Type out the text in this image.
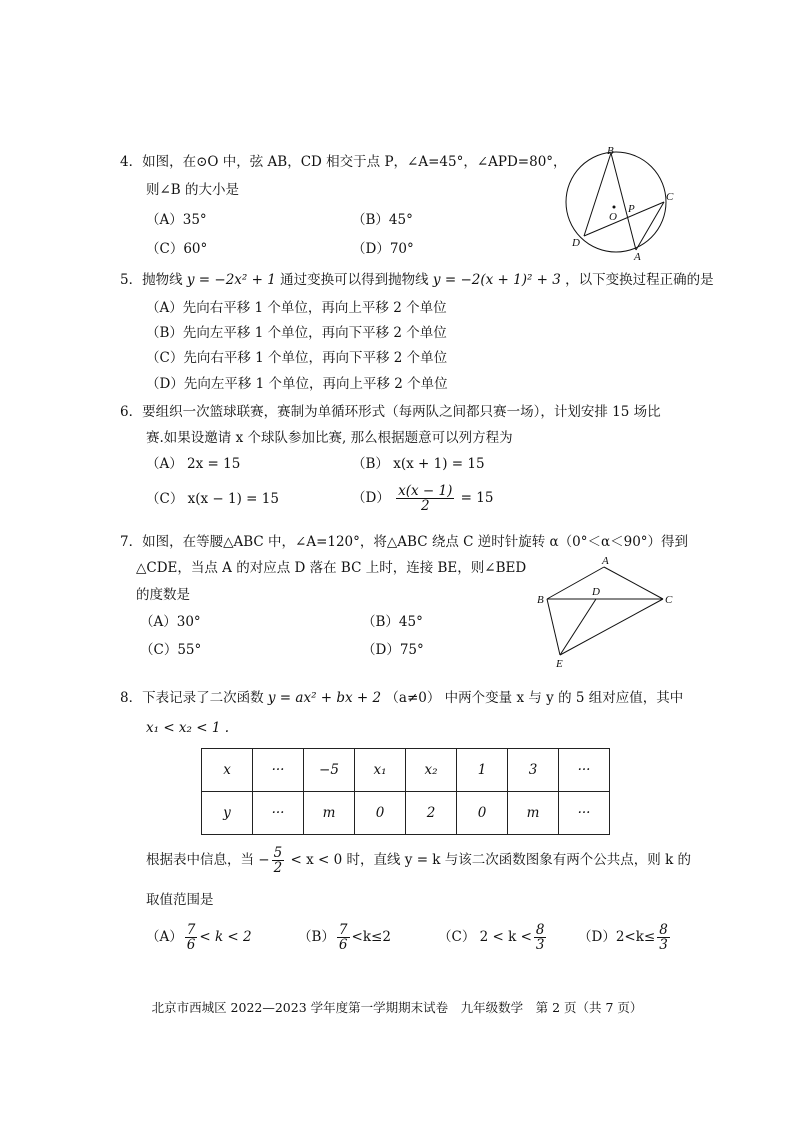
4．如图，在⊙O 中，弦 AB，CD 相交于点 P，∠A=45°，∠APD=80°，
则∠B 的大小是
（A）35°	（B）45°
（C）60°	（D）70°
B
C
O
P
D
A
5．抛物线 y = −2x² + 1 通过变换可以得到抛物线 y = −2(x + 1)² + 3 ，以下变换过程正确的是
（A）先向右平移 1 个单位，再向上平移 2 个单位
（B）先向左平移 1 个单位，再向下平移 2 个单位
（C）先向右平移 1 个单位，再向下平移 2 个单位
（D）先向左平移 1 个单位，再向上平移 2 个单位
6．要组织一次篮球联赛，赛制为单循环形式（每两队之间都只赛一场），计划安排 15 场比
赛.如果设邀请 x 个球队参加比赛, 那么根据题意可以列方程为
（A） 2x = 15	（B） x(x + 1) = 15
（C） x(x − 1) = 15	$(D) \frac{x(x - 1)}{2} = 15$
7．如图，在等腰△ABC 中，∠A=120°，将△ABC 绕点 C 逆时针旋转 α（0°＜α＜90°）得到
△CDE，当点 A 的对应点 D 落在 BC 上时，连接 BE，则∠BED
的度数是
（A）30°	（B）45°
（C）55°	（D）75°
A
B
D
C
E
8．下表记录了二次函数 y = ax² + bx + 2 （a≠0） 中两个变量 x 与 y 的 5 组对应值，其中
x₁ < x₂ < 1 .
x	···	−5	x₁	x₂	1	3	···
y	···	m	0	2	0	m	···
根据表中信息，当 − $\frac{5}{2} < x < 0$ 时，直线 y = k 与该二次函数图象有两个公共点，则 k 的
取值范围是
$(A) \frac{7}{6} < k < 2$	$(B) \frac{7}{6} <k\le 2$	（C） $2 < k < \frac{8}{3} (D)2<k\le \frac{8}{3}$
北京市西城区 2022—2023 学年度第一学期期末试卷　九年级数学　第 2 页（共 7 页）
